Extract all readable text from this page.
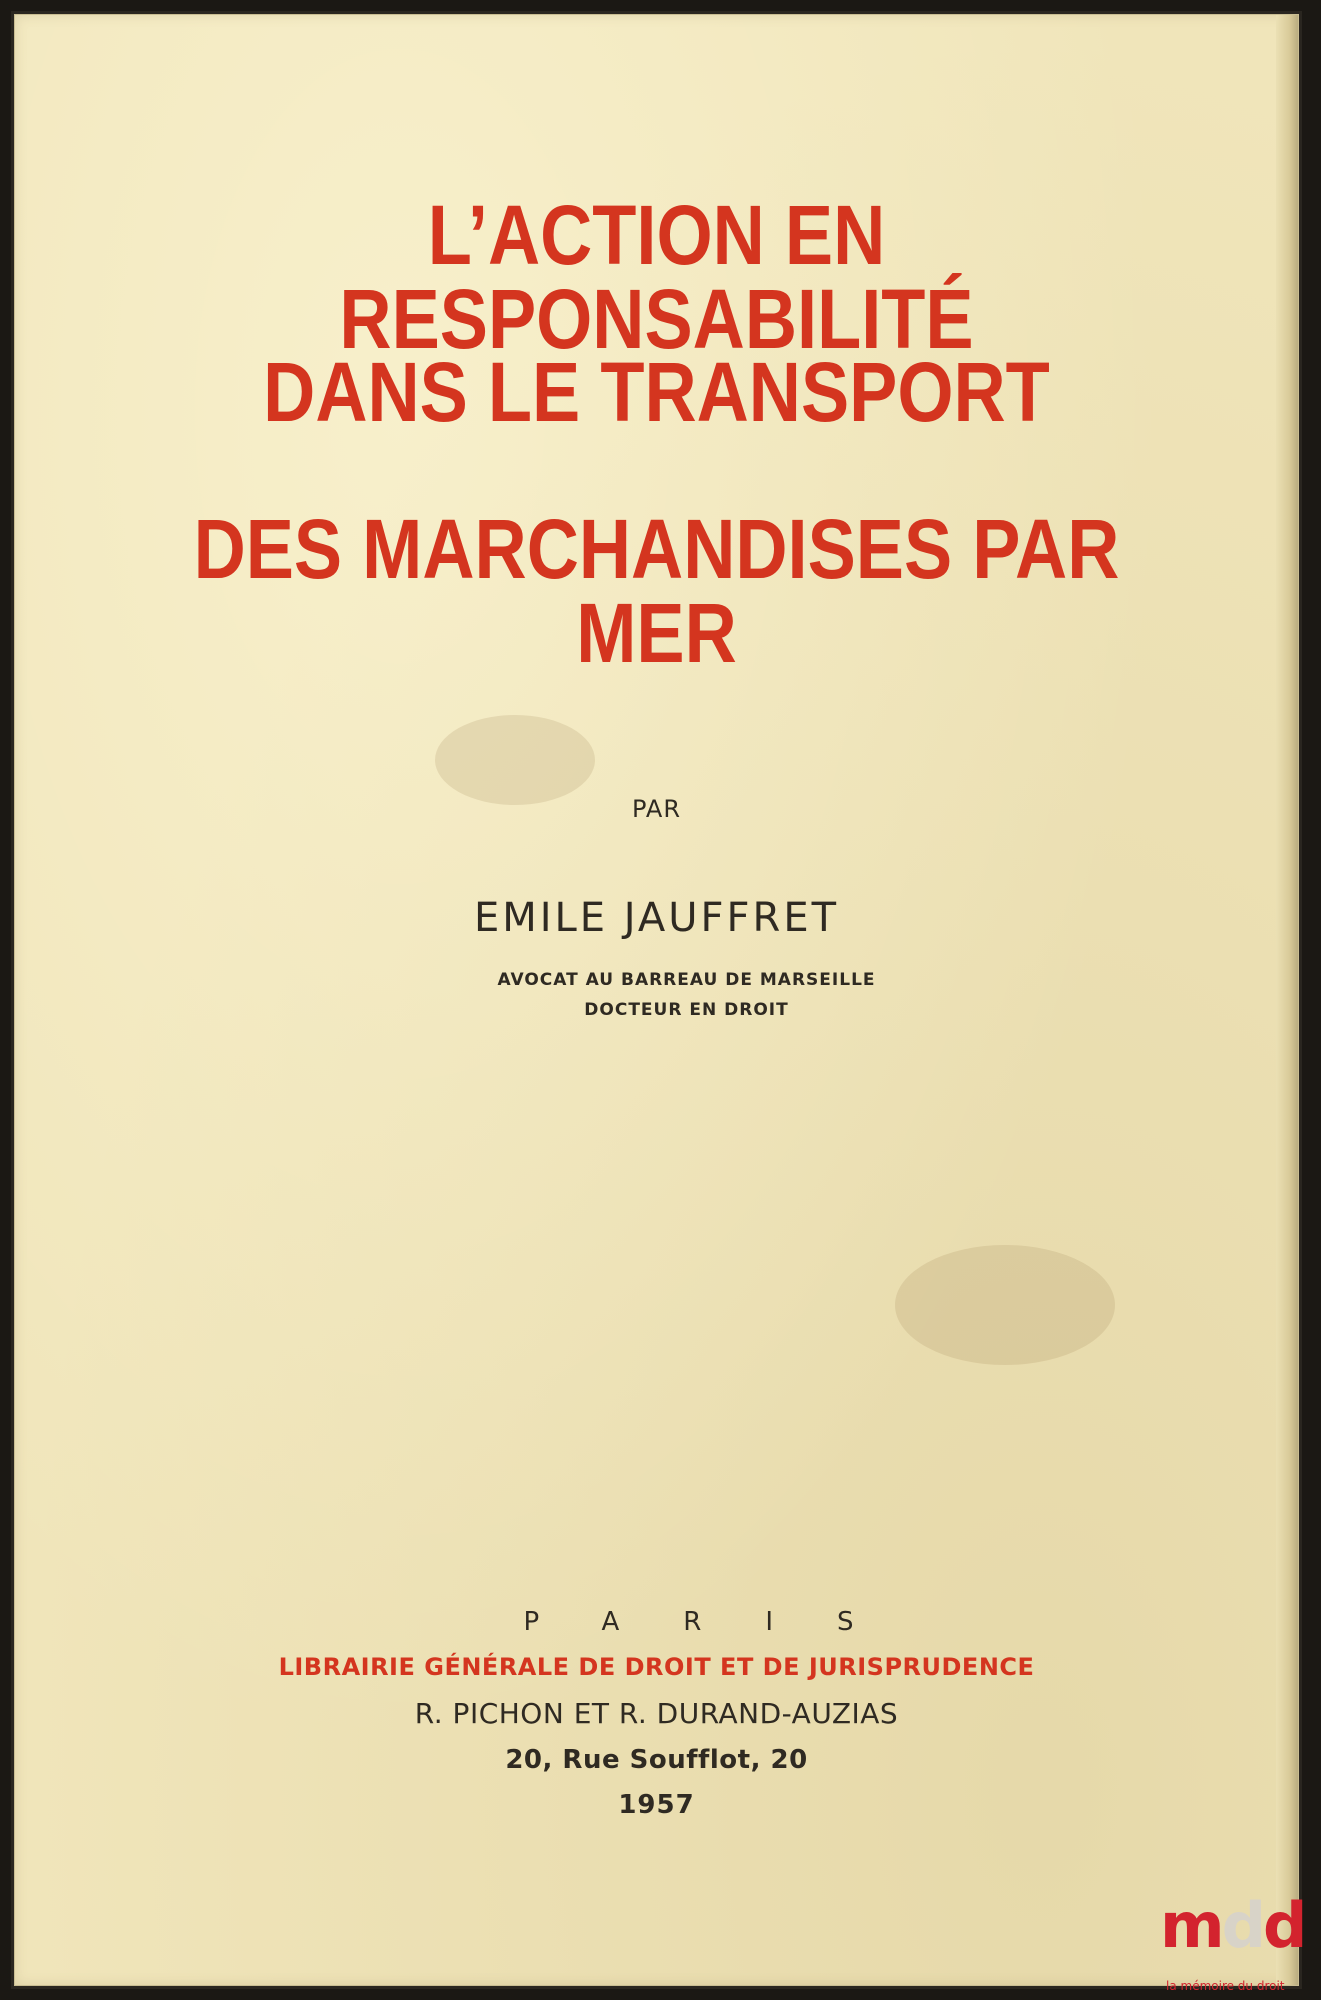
L’ACTION EN RESPONSABILITÉ
DANS LE TRANSPORT
DES MARCHANDISES PAR MER
PAR
EMILE JAUFFRET
AVOCAT AU BARREAU DE MARSEILLE
DOCTEUR EN DROIT
PARIS
LIBRAIRIE GÉNÉRALE DE DROIT ET DE JURISPRUDENCE
R. PICHON ET R. DURAND-AUZIAS
20, Rue Soufflot, 20
1957
mdd
la mémoire du droit
